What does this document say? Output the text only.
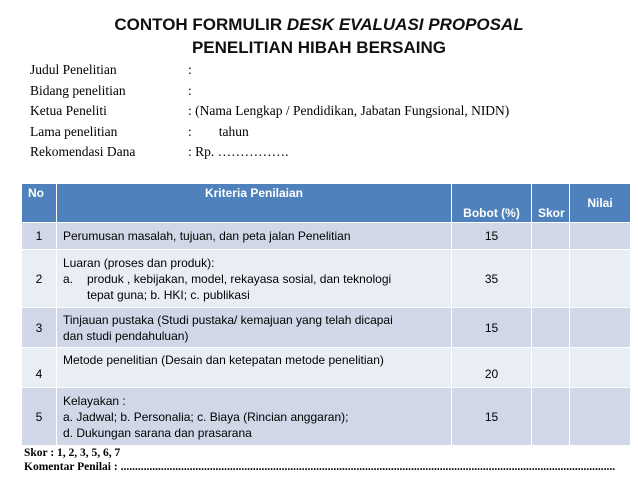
CONTOH FORMULIR DESK EVALUASI PROPOSAL
PENELITIAN HIBAH BERSAING
Judul Penelitian	:
Bidang penelitian	:
Ketua Peneliti	: (Nama Lengkap / Pendidikan, Jabatan Fungsional, NIDN)
Lama penelitian	:        tahun
Rekomendasi Dana	: Rp. …………….
No	Kriteria Penilaian	Bobot (%)	Skor	Nilai
1	Perumusan masalah, tujuan, dan peta jalan Penelitian	15		
2	Luaran (proses dan produk):
a. produk , kebijakan, model, rekayasa sosial, dan teknologi
tepat guna; b. HKI; c. publikasi	35		
3	Tinjauan pustaka (Studi pustaka/ kemajuan yang telah dicapai
dan studi pendahuluan)	15		
4	Metode penelitian (Desain dan ketepatan metode penelitian)	20		
5	Kelayakan :
a. Jadwal; b. Personalia; c. Biaya (Rincian anggaran);
d. Dukungan sarana dan prasarana	15		
Skor : 1, 2, 3, 5, 6, 7
Komentar Penilai : ............................................................................................................................................................................
